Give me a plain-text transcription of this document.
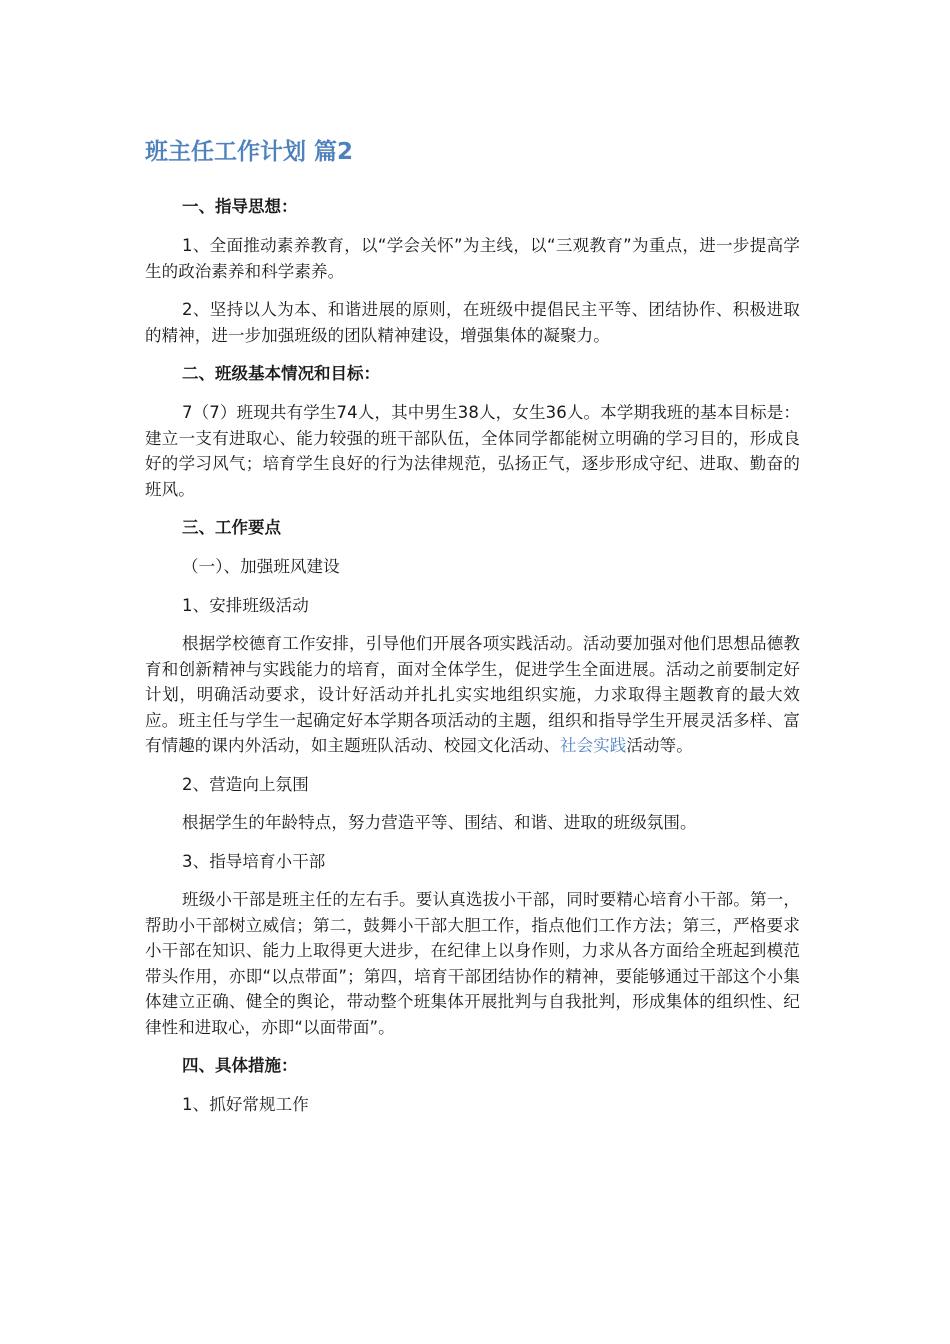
班主任工作计划 篇2
一、指导思想：
1、全面推动素养教育，以“学会关怀”为主线，以“三观教育”为重点，进一步提高学生的政治素养和科学素养。
2、坚持以人为本、和谐进展的原则，在班级中提倡民主平等、团结协作、积极进取的精神，进一步加强班级的团队精神建设，增强集体的凝聚力。
二、班级基本情况和目标：
7（7）班现共有学生74人，其中男生38人，女生36人。本学期我班的基本目标是：建立一支有进取心、能力较强的班干部队伍，全体同学都能树立明确的学习目的，形成良好的学习风气；培育学生良好的行为法律规范，弘扬正气，逐步形成守纪、进取、勤奋的班风。
三、工作要点
（一）、加强班风建设
1、安排班级活动
根据学校德育工作安排，引导他们开展各项实践活动。活动要加强对他们思想品德教育和创新精神与实践能力的培育，面对全体学生，促进学生全面进展。活动之前要制定好计划，明确活动要求，设计好活动并扎扎实实地组织实施，力求取得主题教育的最大效应。班主任与学生一起确定好本学期各项活动的主题，组织和指导学生开展灵活多样、富有情趣的课内外活动，如主题班队活动、校园文化活动、社会实践活动等。
2、营造向上氛围
根据学生的年龄特点，努力营造平等、围结、和谐、进取的班级氛围。
3、指导培育小干部
班级小干部是班主任的左右手。要认真选拔小干部，同时要精心培育小干部。第一，帮助小干部树立威信；第二，鼓舞小干部大胆工作，指点他们工作方法；第三，严格要求小干部在知识、能力上取得更大进步，在纪律上以身作则，力求从各方面给全班起到模范带头作用，亦即“以点带面”；第四，培育干部团结协作的精神，要能够通过干部这个小集体建立正确、健全的舆论，带动整个班集体开展批判与自我批判，形成集体的组织性、纪律性和进取心，亦即“以面带面”。
四、具体措施：
1、抓好常规工作
